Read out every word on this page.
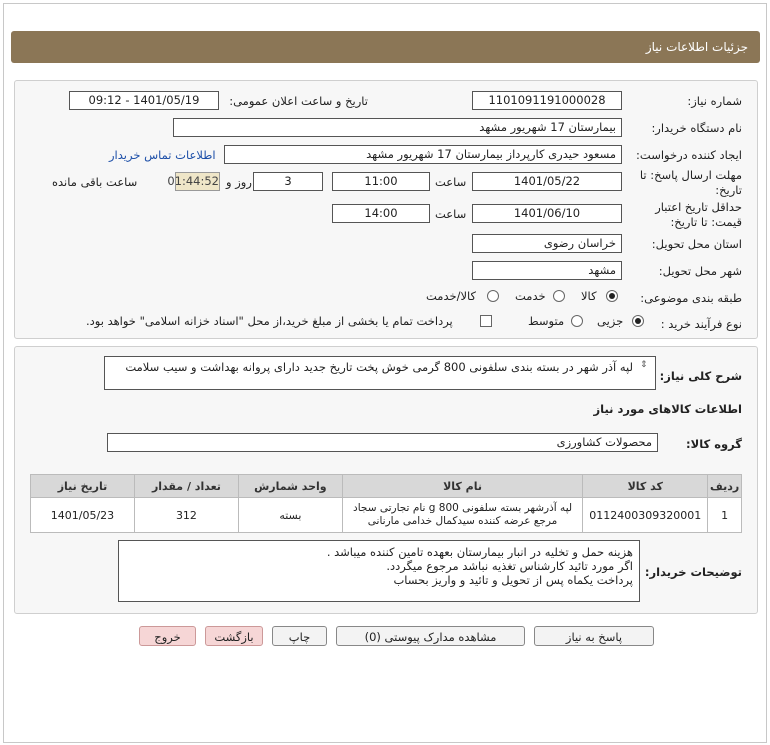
جزئیات اطلاعات نیاز
شماره نیاز:
1101091191000028
تاریخ و ساعت اعلان عمومی:
1401/05/19 - 09:12
نام دستگاه خریدار:
بیمارستان 17 شهریور مشهد
ایجاد کننده درخواست:
مسعود حیدری کارپرداز بیمارستان 17 شهریور مشهد
اطلاعات تماس خریدار
مهلت ارسال پاسخ: تا
تاریخ:
1401/05/22
ساعت
11:00
3
روز و
01:44:52
ساعت باقی مانده
حداقل تاریخ اعتبار
قیمت: تا تاریخ:
1401/06/10
ساعت
14:00
استان محل تحویل:
خراسان رضوی
شهر محل تحویل:
مشهد
طبقه بندی موضوعی:
کالا
خدمت
کالا/خدمت
نوع فرآیند خرید :
جزیی
متوسط
پرداخت تمام یا بخشی از مبلغ خرید،از محل "اسناد خزانه اسلامی" خواهد بود.
شرح کلی نیاز:
لپه آذر شهر در بسته بندی سلفونی 800 گرمی خوش پخت تاریخ جدید دارای پروانه بهداشت و سیب سلامت ⇕
اطلاعات کالاهای مورد نیاز
گروه کالا:
محصولات کشاورزی
ردیف	کد کالا	نام کالا	واحد شمارش	تعداد / مقدار	تاریخ نیاز
1	0112400309320001	لپه آذرشهر بسته سلفونی 800 g نام تجارتی سجاد مرجع عرضه کننده سیدکمال خدامی مارنانی	بسته	312	1401/05/23
توضیحات خریدار:
هزینه حمل و تخلیه در انبار بیمارستان بعهده تامین کننده میباشد .
اگر مورد تائید کارشناس تغذیه نباشد مرجوع میگردد.
پرداخت یکماه پس از تحویل و تائید و واریز بحساب
پاسخ به نیاز
مشاهده مدارک پیوستی (0)
چاپ
بازگشت
خروج
